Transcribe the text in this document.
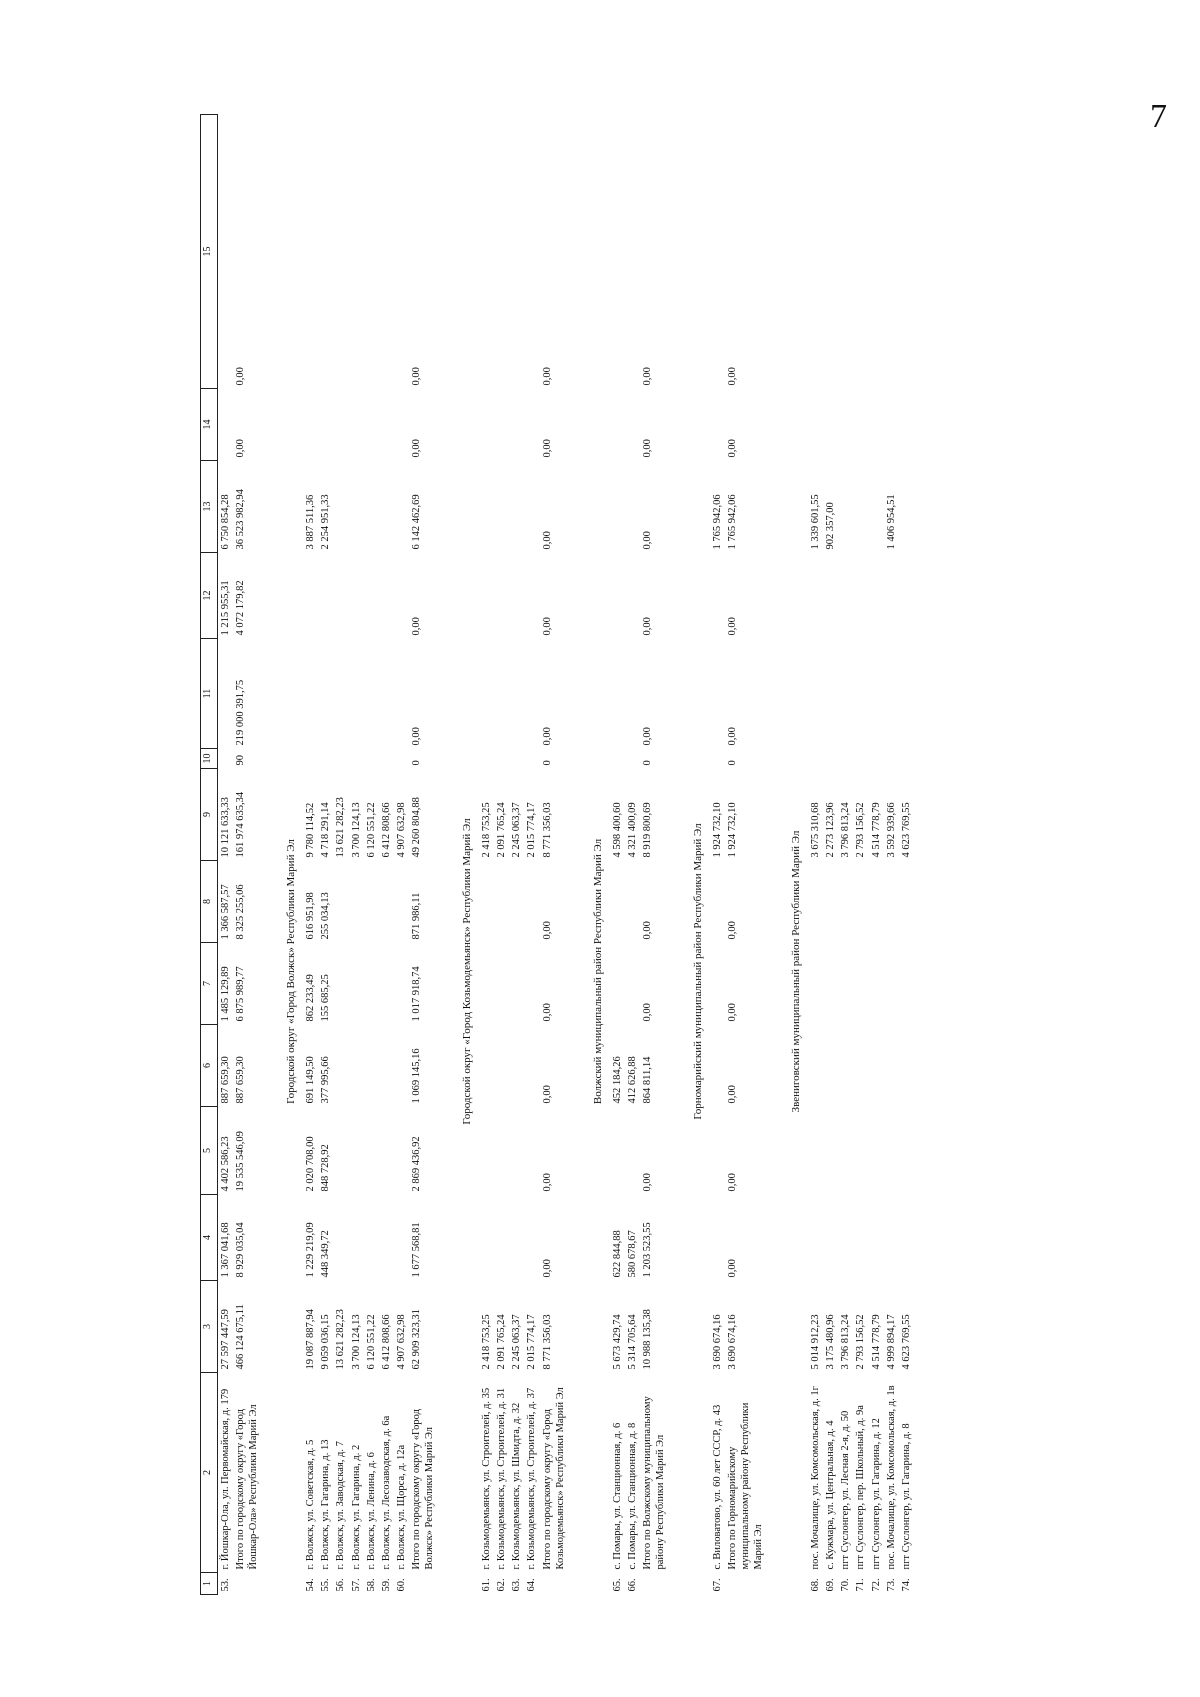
7
1	2	3	4	5	6	7	8	9	10	11	12	13	14	15
53.	г. Йошкар-Ола, ул. Первомайская, д. 179	27 597 447,59	1 367 041,68	4 402 586,23	887 659,30	1 485 129,89	1 366 587,57	10 121 633,33			1 215 955,31	6 750 854,28		
	Итого по городскому округу «Город Йошкар-Ола» Республики Марий Эл	466 124 675,11	8 929 035,04	19 535 546,09	887 659,30	6 875 989,77	8 325 255,06	161 974 635,34	90	219 000 391,75	4 072 179,82	36 523 982,94	0,00	0,00

				Городской округ «Город Волжск» Республики Марий Эл										
54.	г. Волжск, ул. Советская, д. 5	19 087 887,94	1 229 219,09	2 020 708,00	691 149,50	862 233,49	616 951,98	9 780 114,52				3 887 511,36		
55.	г. Волжск, ул. Гагарина, д. 13	9 059 036,15	448 349,72	848 728,92	377 995,66	155 685,25	255 034,13	4 718 291,14				2 254 951,33		
56.	г. Волжск, ул. Заводская, д. 7	13 621 282,23						13 621 282,23						
57.	г. Волжск, ул. Гагарина, д. 2	3 700 124,13						3 700 124,13						
58.	г. Волжск, ул. Ленина, д. 6	6 120 551,22						6 120 551,22						
59.	г. Волжск, ул. Лесозаводская, д. 6а	6 412 808,66						6 412 808,66						
60.	г. Волжск, ул. Щорса, д. 12а	4 907 632,98						4 907 632,98						
	Итого по городскому округу «Город Волжск» Республики Марий Эл	62 909 323,31	1 677 568,81	2 869 436,92	1 069 145,16	1 017 918,74	871 986,11	49 260 804,88	0	0,00	0,00	6 142 462,69	0,00	0,00

				Городской округ «Город Козьмодемьянск» Республики Марий Эл										
61.	г. Козьмодемьянск, ул. Строителей, д. 35	2 418 753,25						2 418 753,25						
62.	г. Козьмодемьянск, ул. Строителей, д. 31	2 091 765,24						2 091 765,24						
63.	г. Козьмодемьянск, ул. Шмидта, д. 32	2 245 063,37						2 245 063,37						
64.	г. Козьмодемьянск, ул. Строителей, д. 37	2 015 774,17						2 015 774,17						
	Итого по городскому округу «Город Козьмодемьянск» Республики Марий Эл	8 771 356,03	0,00	0,00	0,00	0,00	0,00	8 771 356,03	0	0,00	0,00	0,00	0,00	0,00

				Волжский муниципальный район Республики Марий Эл										
65.	с. Помары, ул. Станционная, д. 6	5 673 429,74	622 844,88		452 184,26			4 598 400,60						
66.	с. Помары, ул. Станционная, д. 8	5 314 705,64	580 678,67		412 626,88			4 321 400,09						
	Итого по Волжскому муниципальному району Республики Марий Эл	10 988 135,38	1 203 523,55	0,00	864 811,14	0,00	0,00	8 919 800,69	0	0,00	0,00	0,00	0,00	0,00

				Горномарийский муниципальный район Республики Марий Эл										
67.	с. Виловатово, ул. 60 лет СССР, д. 43	3 690 674,16						1 924 732,10				1 765 942,06		
	Итого по Горномарийскому муниципальному району Республики Марий Эл	3 690 674,16	0,00	0,00	0,00	0,00	0,00	1 924 732,10	0	0,00	0,00	1 765 942,06	0,00	0,00

				Звениговский муниципальный район Республики Марий Эл										
68.	пос. Мочалище, ул. Комсомольская, д. 1г	5 014 912,23						3 675 310,68				1 339 601,55		
69.	с. Кужмара, ул. Центральная, д. 4	3 175 480,96						2 273 123,96				902 357,00		
70.	пгт Суслонгер, ул. Лесная 2-я, д. 50	3 796 813,24						3 796 813,24						
71.	пгт Суслонгер, пер. Школьный, д. 9а	2 793 156,52						2 793 156,52						
72.	пгт Суслонгер, ул. Гагарина, д. 12	4 514 778,79						4 514 778,79						
73.	пос. Мочалище, ул. Комсомольская, д. 1в	4 999 894,17						3 592 939,66				1 406 954,51		
74.	пгт Суслонгер, ул. Гагарина, д. 8	4 623 769,55						4 623 769,55						
